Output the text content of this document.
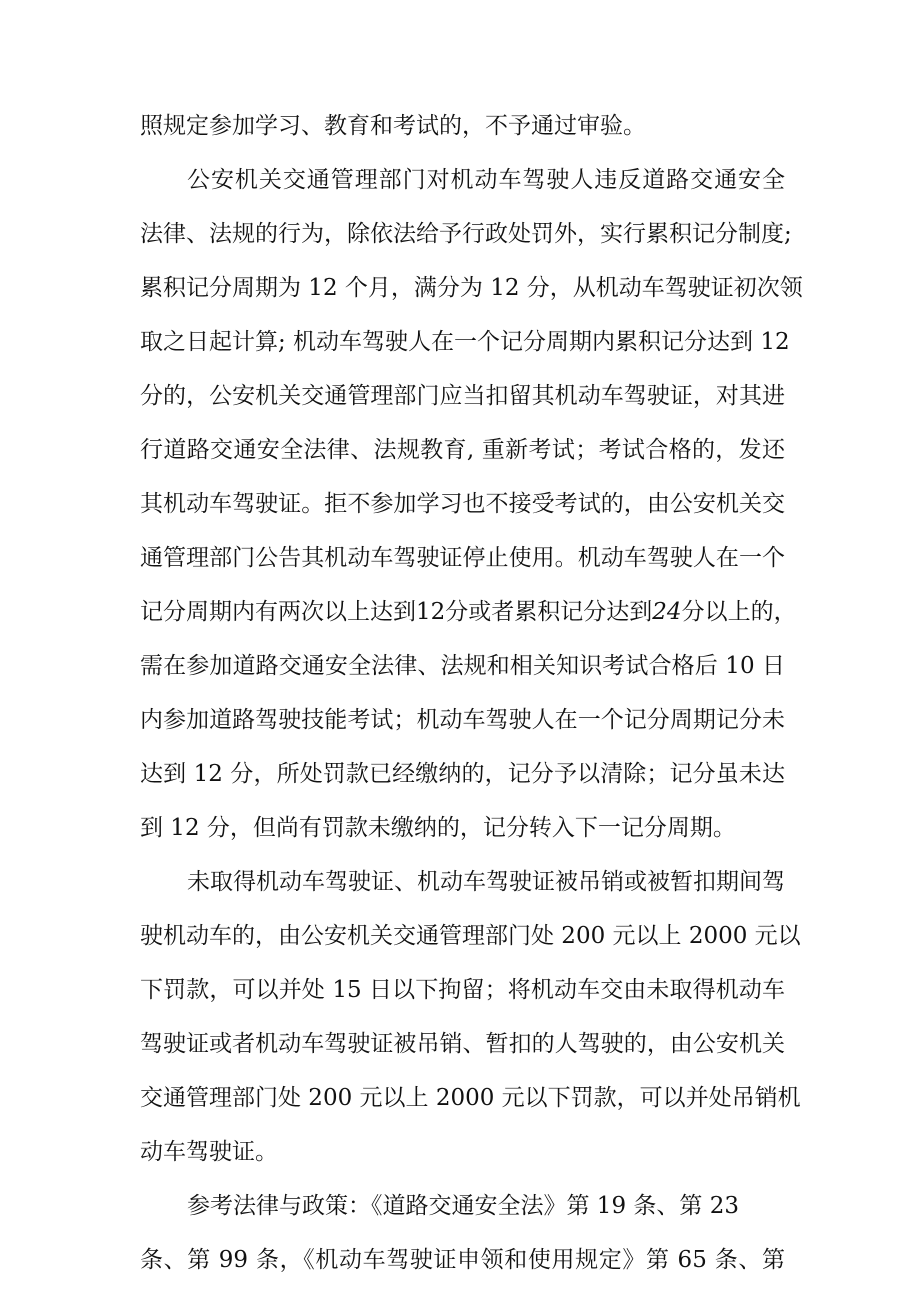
照规定参加学习、教育和考试的，不予通过审验。
公安机关交通管理部门对机动车驾驶人违反道路交通安全
法律、法规的行为，除依法给予行政处罚外，实行累积记分制度;
累积记分周期为 12 个月，满分为 12 分，从机动车驾驶证初次领
取之日起计算; 机动车驾驶人在一个记分周期内累积记分达到 12
分的，公安机关交通管理部门应当扣留其机动车驾驶证，对其进
行道路交通安全法律、法规教育, 重新考试；考试合格的，发还
其机动车驾驶证。拒不参加学习也不接受考试的，由公安机关交
通管理部门公告其机动车驾驶证停止使用。机动车驾驶人在一个
记分周期内有两次以上达到12分或者累积记分达到24分以上的，
需在参加道路交通安全法律、法规和相关知识考试合格后 10 日
内参加道路驾驶技能考试；机动车驾驶人在一个记分周期记分未
达到 12 分，所处罚款已经缴纳的，记分予以清除；记分虽未达
到 12 分，但尚有罚款未缴纳的，记分转入下一记分周期。
未取得机动车驾驶证、机动车驾驶证被吊销或被暂扣期间驾
驶机动车的，由公安机关交通管理部门处 200 元以上 2000 元以
下罚款，可以并处 15 日以下拘留；将机动车交由未取得机动车
驾驶证或者机动车驾驶证被吊销、暂扣的人驾驶的，由公安机关
交通管理部门处 200 元以上 2000 元以下罚款，可以并处吊销机
动车驾驶证。
参考法律与政策：《道路交通安全法》第 19 条、第 23
条、第 99 条，《机动车驾驶证申领和使用规定》第 65 条、第
